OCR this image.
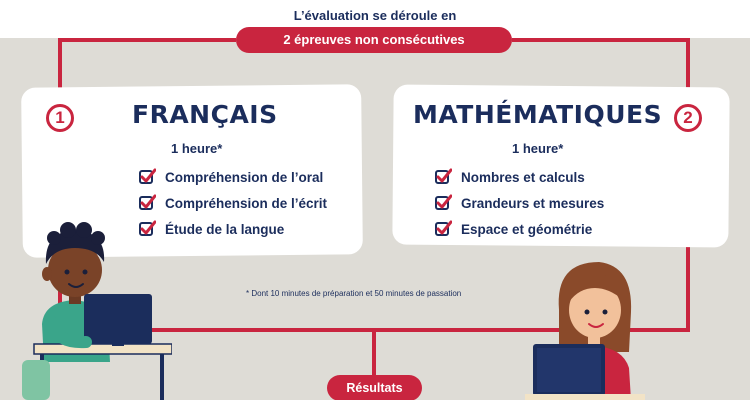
L’évaluation se déroule en
2 épreuves non consécutives
1	FRANÇAIS
1 heure*
Compréhension de l’oral
Compréhension de l’écrit
Étude de la langue
2
MATHÉMATIQUES
1 heure*
Nombres et calculs
Grandeurs et mesures
Espace et géométrie
* Dont 10 minutes de préparation et 50 minutes de passation
Résultats
